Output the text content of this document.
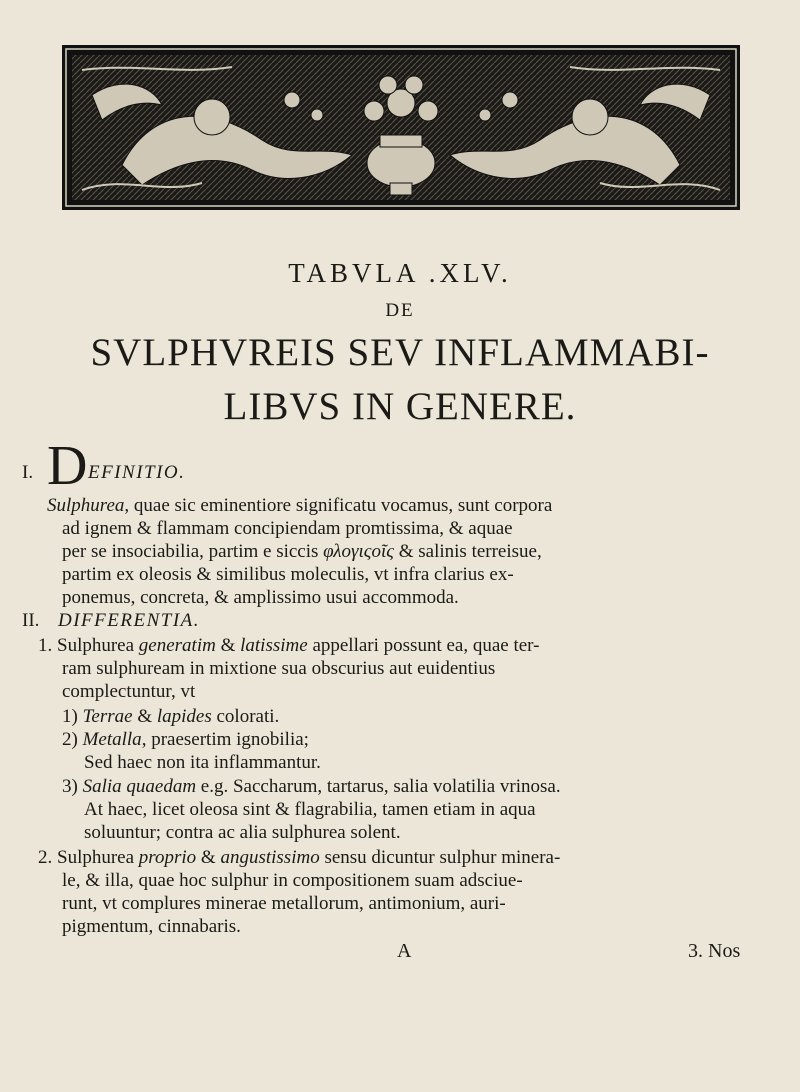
TABVLA .XLV.
DE
SVLPHVREIS SEV INFLAMMABI-
LIBVS IN GENERE.
I. D EFINITIO.
Sulphurea, quae sic eminentiore significatu vocamus, sunt corpora
ad ignem & flammam concipiendam promtissima, & aquae
per se insociabilia, partim e siccis φλογιςοῖς & salinis terreisue,
partim ex oleosis & similibus moleculis, vt infra clarius ex-
ponemus, concreta, & amplissimo usui accommoda.
II. DIFFERENTIA.
1. Sulphurea generatim & latissime appellari possunt ea, quae ter-
ram sulphuream in mixtione sua obscurius aut euidentius
complectuntur, vt
1) Terrae & lapides colorati.
2) Metalla, praesertim ignobilia;
Sed haec non ita inflammantur.
3) Salia quaedam e.g. Saccharum, tartarus, salia volatilia vrinosa.
At haec, licet oleosa sint & flagrabilia, tamen etiam in aqua
soluuntur; contra ac alia sulphurea solent.
2. Sulphurea proprio & angustissimo sensu dicuntur sulphur minera-
le, & illa, quae hoc sulphur in compositionem suam adsciue-
runt, vt complures minerae metallorum, antimonium, auri-
pigmentum, cinnabaris.
A	3. Nos
